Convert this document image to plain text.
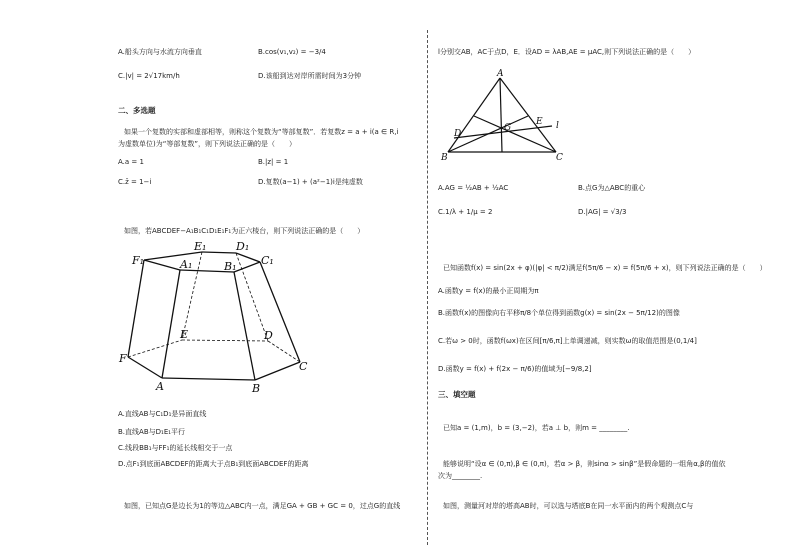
A.船头方向与水流方向垂直	B.cos(v₁,v₂) = −3/4
C.|v| = 2√17km/h	D.该船到达对岸所需时间为3分钟
二、多选题
如果一个复数的实部和虚部相等，则称这个复数为“等部复数”．若复数z = a + i(a ∈ R,i
为虚数单位)为“等部复数”，则下列说法正确的是（　　）
A.a = 1	B.|z| = 1
C.z̄ = 1−i	D.复数(a−1) + (a²−1)i是纯虚数
如图，若ABCDEF−A₁B₁C₁D₁E₁F₁为正六棱台，则下列说法正确的是（　　）
E₁	D₁
F₁	A₁	B₁ C₁
E	D
F
A	B
C
A.直线AB与C₁D₁是异面直线
B.直线AB与D₁E₁平行
C.线段BB₁与FF₁的延长线相交于一点
D.点F₁到底面ABCDEF的距离大于点B₁到底面ABCDEF的距离
如图，已知点G是边长为1的等边△ABC内一点，满足GA + GB + GC = 0，过点G的直线
l分别交AB，AC于点D，E．设AD = λAB,AE = μAC,则下列说法正确的是（　　）
A
D
G
E l
B	C
A.AG = ½AB + ½AC	B.点G为△ABC的重心
C.1/λ + 1/μ = 2	D.|AG| = √3/3
已知函数f(x) = sin(2x + φ)(|φ| < π/2)满足f(5π/6 − x) = f(5π/6 + x)，则下列说法正确的是（　　）
A.函数y = f(x)的最小正周期为π
B.函数f(x)的图像向右平移π/8个单位得到函数g(x) = sin(2x − 5π/12)的图像
C.若ω > 0时，函数f(ωx)在区间[π/6,π]上单调递减，则实数ω的取值范围是(0,1/4]
D.函数y = f(x) + f(2x − π/6)的值域为[−9/8,2]
三、填空题
已知a = (1,m)，b = (3,−2)，若a ⊥ b，则m = ________.
能够说明“设α ∈ (0,π),β ∈ (0,π)，若α > β，则sinα > sinβ”是假命题的一组角α,β的值依
次为________.
如图，测量河对岸的塔高AB时，可以选与塔底B在同一水平面内的两个观测点C与
